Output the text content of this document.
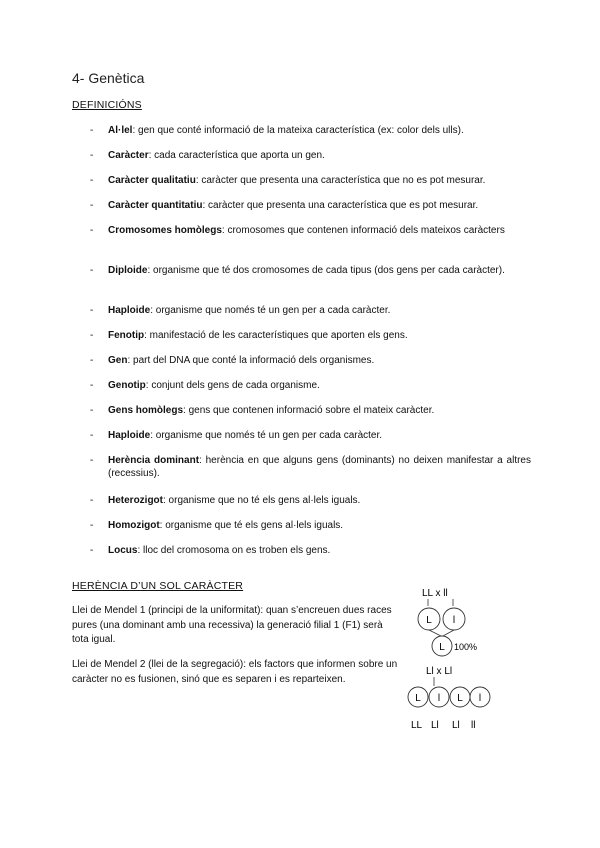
4- Genètica
DEFINICIÓNS
- Al·lel: gen que conté informació de la mateixa característica (ex: color dels ulls).
- Caràcter: cada característica que aporta un gen.
- Caràcter qualitatiu: caràcter que presenta una característica que no es pot mesurar.
- Caràcter quantitatiu: caràcter que presenta una característica que es pot mesurar.
- Cromosomes homòlegs: cromosomes que contenen informació dels mateixos caràcters
- Diploide: organisme que té dos cromosomes de cada tipus (dos gens per cada caràcter).
- Haploide: organisme que només té un gen per a cada caràcter.
- Fenotip: manifestació de les característiques que aporten els gens.
- Gen: part del DNA que conté la informació dels organismes.
- Genotip: conjunt dels gens de cada organisme.
- Gens homòlegs: gens que contenen informació sobre el mateix caràcter.
- Haploide: organisme que només té un gen per cada caràcter.
- Herència dominant: herència en que alguns gens (dominants) no deixen manifestar a altres (recessius).
- Heterozigot: organisme que no té els gens al·lels iguals.
- Homozigot: organisme que té els gens al·lels iguals.
- Locus: lloc del cromosoma on es troben els gens.
HERÈNCIA D’UN SOL CARÀCTER
Llei de Mendel 1 (principi de la uniformitat): quan s’encreuen dues races pures (una dominant amb una recessiva) la generació filial 1 (F1) serà tota igual.
Llei de Mendel 2 (llei de la segregació): els factors que informen sobre un caràcter no es fusionen, sinó que es separen i es reparteixen.
LL x ll
L l
L 100%
Ll x Ll
L l L l
LL Ll Ll ll
